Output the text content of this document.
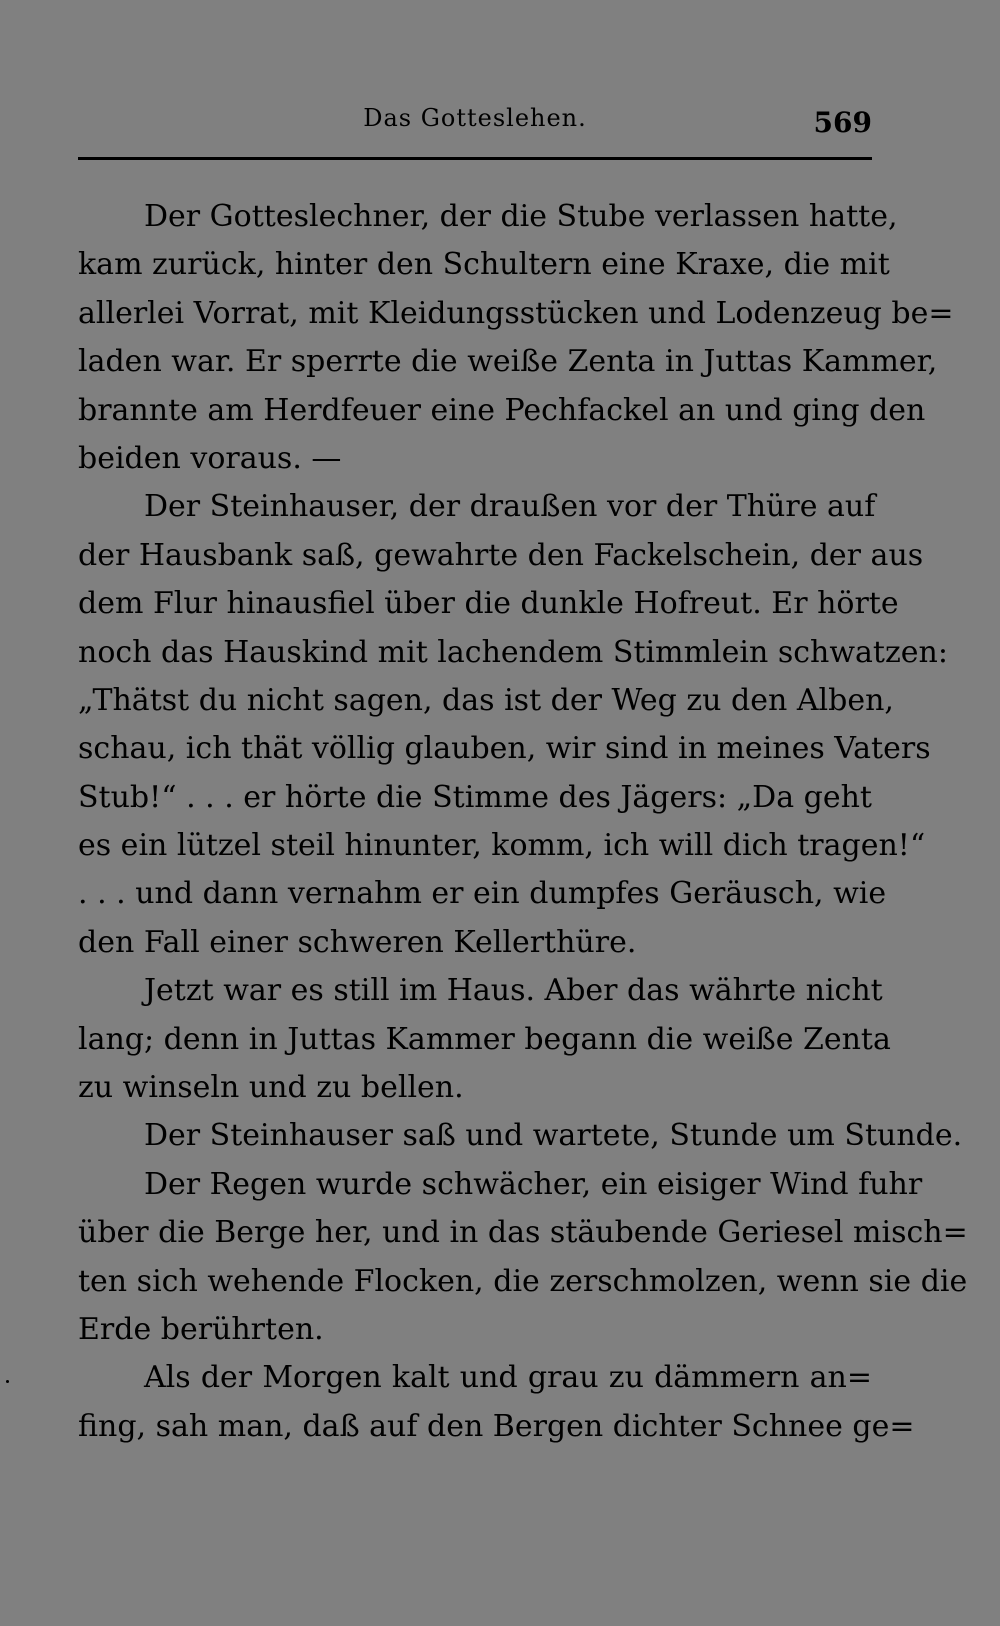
Das Gotteslehen.	569
Der Gotteslechner, der die Stube verlassen hatte,
kam zurück, hinter den Schultern eine Kraxe, die mit
allerlei Vorrat, mit Kleidungsstücken und Lodenzeug be=
laden war. Er sperrte die weiße Zenta in Juttas Kammer,
brannte am Herdfeuer eine Pechfackel an und ging den
beiden voraus. —
Der Steinhauser, der draußen vor der Thüre auf
der Hausbank saß, gewahrte den Fackelschein, der aus
dem Flur hinausfiel über die dunkle Hofreut. Er hörte
noch das Hauskind mit lachendem Stimmlein schwatzen:
„Thätst du nicht sagen, das ist der Weg zu den Alben,
schau, ich thät völlig glauben, wir sind in meines Vaters
Stub!“ . . . er hörte die Stimme des Jägers: „Da geht
es ein lützel steil hinunter, komm, ich will dich tragen!“
. . . und dann vernahm er ein dumpfes Geräusch, wie
den Fall einer schweren Kellerthüre.
Jetzt war es still im Haus. Aber das währte nicht
lang; denn in Juttas Kammer begann die weiße Zenta
zu winseln und zu bellen.
Der Steinhauser saß und wartete, Stunde um Stunde.
Der Regen wurde schwächer, ein eisiger Wind fuhr
über die Berge her, und in das stäubende Geriesel misch=
ten sich wehende Flocken, die zerschmolzen, wenn sie die
Erde berührten.
Als der Morgen kalt und grau zu dämmern an=
fing, sah man, daß auf den Bergen dichter Schnee ge=
